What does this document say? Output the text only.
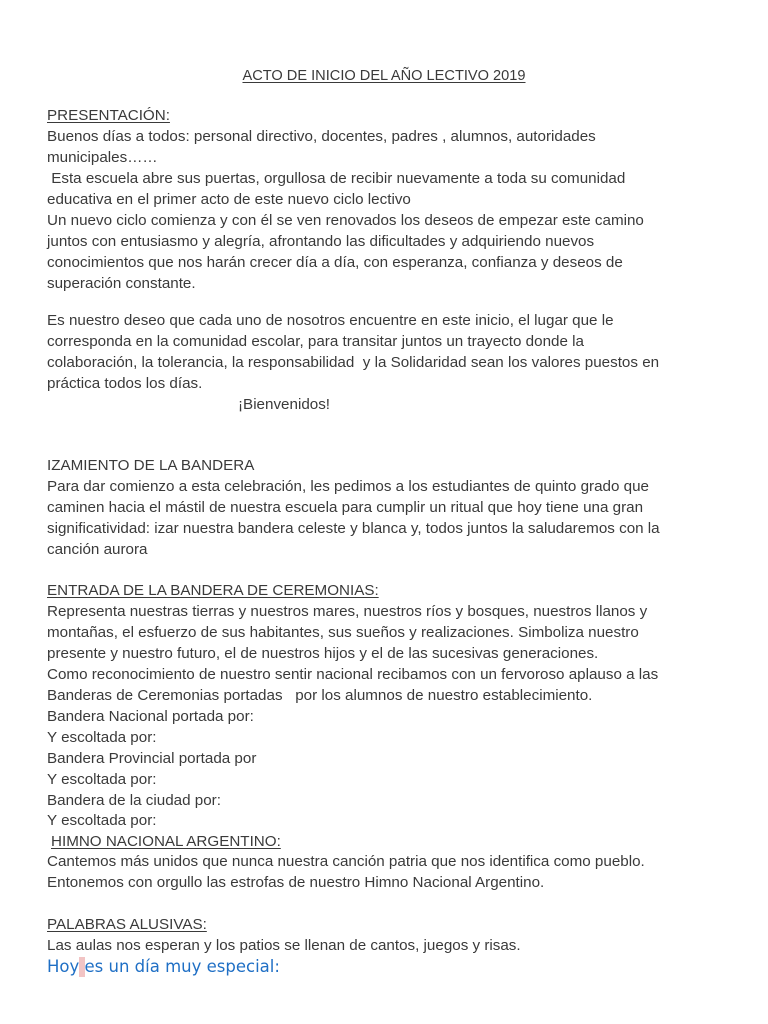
ACTO DE INICIO DEL AÑO LECTIVO 2019

PRESENTACIÓN:

Buenos días a todos: personal directivo, docentes, padres , alumnos, autoridades

municipales……

Esta escuela abre sus puertas, orgullosa de recibir nuevamente a toda su comunidad

educativa en el primer acto de este nuevo ciclo lectivo

Un nuevo ciclo comienza y con él se ven renovados los deseos de empezar este camino

juntos con entusiasmo y alegría, afrontando las dificultades y adquiriendo nuevos

conocimientos que nos harán crecer día a día, con esperanza, confianza y deseos de

superación constante.

Es nuestro deseo que cada uno de nosotros encuentre en este inicio, el lugar que le

corresponda en la comunidad escolar, para transitar juntos un trayecto donde la

colaboración, la tolerancia, la responsabilidad  y la Solidaridad sean los valores puestos en

práctica todos los días.

¡Bienvenidos!

IZAMIENTO DE LA BANDERA

Para dar comienzo a esta celebración, les pedimos a los estudiantes de quinto grado que

caminen hacia el mástil de nuestra escuela para cumplir un ritual que hoy tiene una gran

significatividad: izar nuestra bandera celeste y blanca y, todos juntos la saludaremos con la

canción aurora

ENTRADA DE LA BANDERA DE CEREMONIAS:

Representa nuestras tierras y nuestros mares, nuestros ríos y bosques, nuestros llanos y

montañas, el esfuerzo de sus habitantes, sus sueños y realizaciones. Simboliza nuestro

presente y nuestro futuro, el de nuestros hijos y el de las sucesivas generaciones.

Como reconocimiento de nuestro sentir nacional recibamos con un fervoroso aplauso a las

Banderas de Ceremonias portadas   por los alumnos de nuestro establecimiento.

Bandera Nacional portada por:

Y escoltada por:

Bandera Provincial portada por

Y escoltada por:

Bandera de la ciudad por:

Y escoltada por:

HIMNO NACIONAL ARGENTINO:

Cantemos más unidos que nunca nuestra canción patria que nos identifica como pueblo.

Entonemos con orgullo las estrofas de nuestro Himno Nacional Argentino.

PALABRAS ALUSIVAS:

Las aulas nos esperan y los patios se llenan de cantos, juegos y risas.

Hoy es un día muy especial:
